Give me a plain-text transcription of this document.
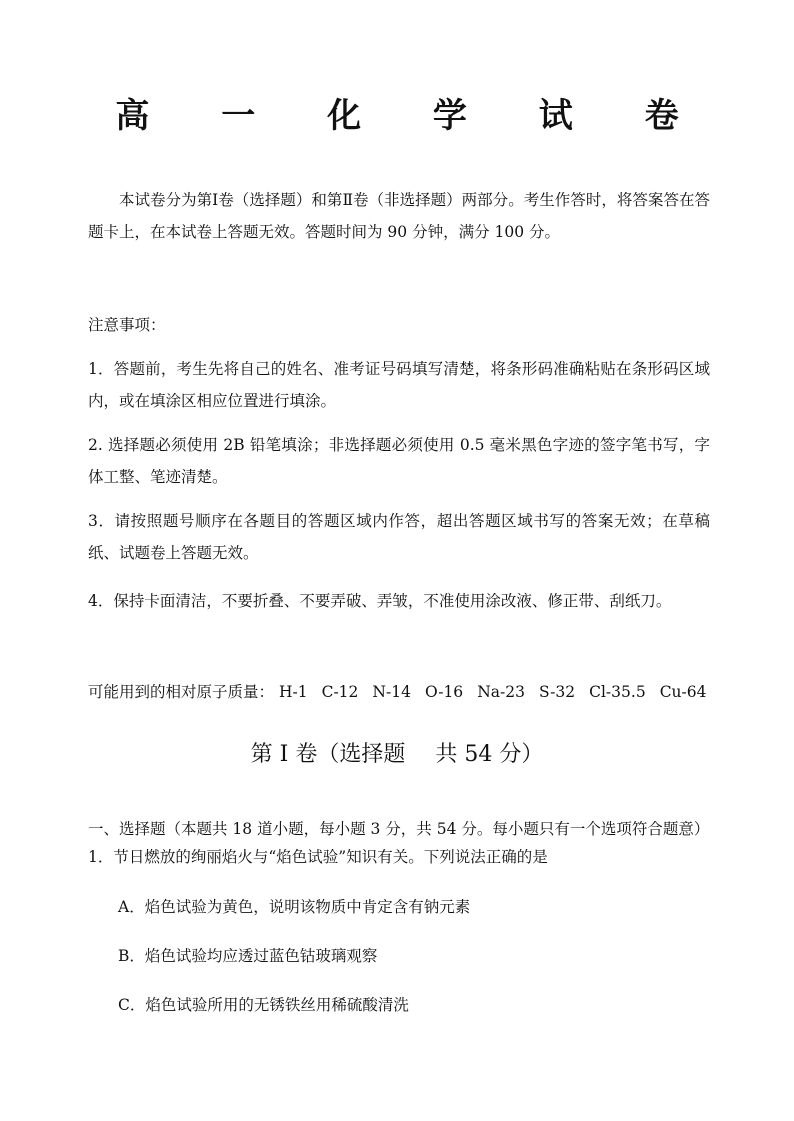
高 一 化 学 试 卷
本试卷分为第Ⅰ卷（选择题）和第Ⅱ卷（非选择题）两部分。考生作答时，将答案答在答题卡上，在本试卷上答题无效。答题时间为 90 分钟，满分 100 分。
注意事项：
1．答题前，考生先将自己的姓名、准考证号码填写清楚，将条形码准确粘贴在条形码区域内，或在填涂区相应位置进行填涂。
2. 选择题必须使用 2B 铅笔填涂；非选择题必须使用 0.5 毫米黑色字迹的签字笔书写，字体工整、笔迹清楚。
3．请按照题号顺序在各题目的答题区域内作答，超出答题区域书写的答案无效；在草稿纸、试题卷上答题无效。
4．保持卡面清洁，不要折叠、不要弄破、弄皱，不准使用涂改液、修正带、刮纸刀。
可能用到的相对原子质量： H-1 C-12 N-14 O-16 Na-23 S-32 Cl-35.5 Cu-64
第 I 卷（选择题 共 54 分）
一、选择题（本题共 18 道小题，每小题 3 分，共 54 分。每小题只有一个选项符合题意）
1．节日燃放的绚丽焰火与“焰色试验”知识有关。下列说法正确的是
A．焰色试验为黄色，说明该物质中肯定含有钠元素
B．焰色试验均应透过蓝色钴玻璃观察
C．焰色试验所用的无锈铁丝用稀硫酸清洗
